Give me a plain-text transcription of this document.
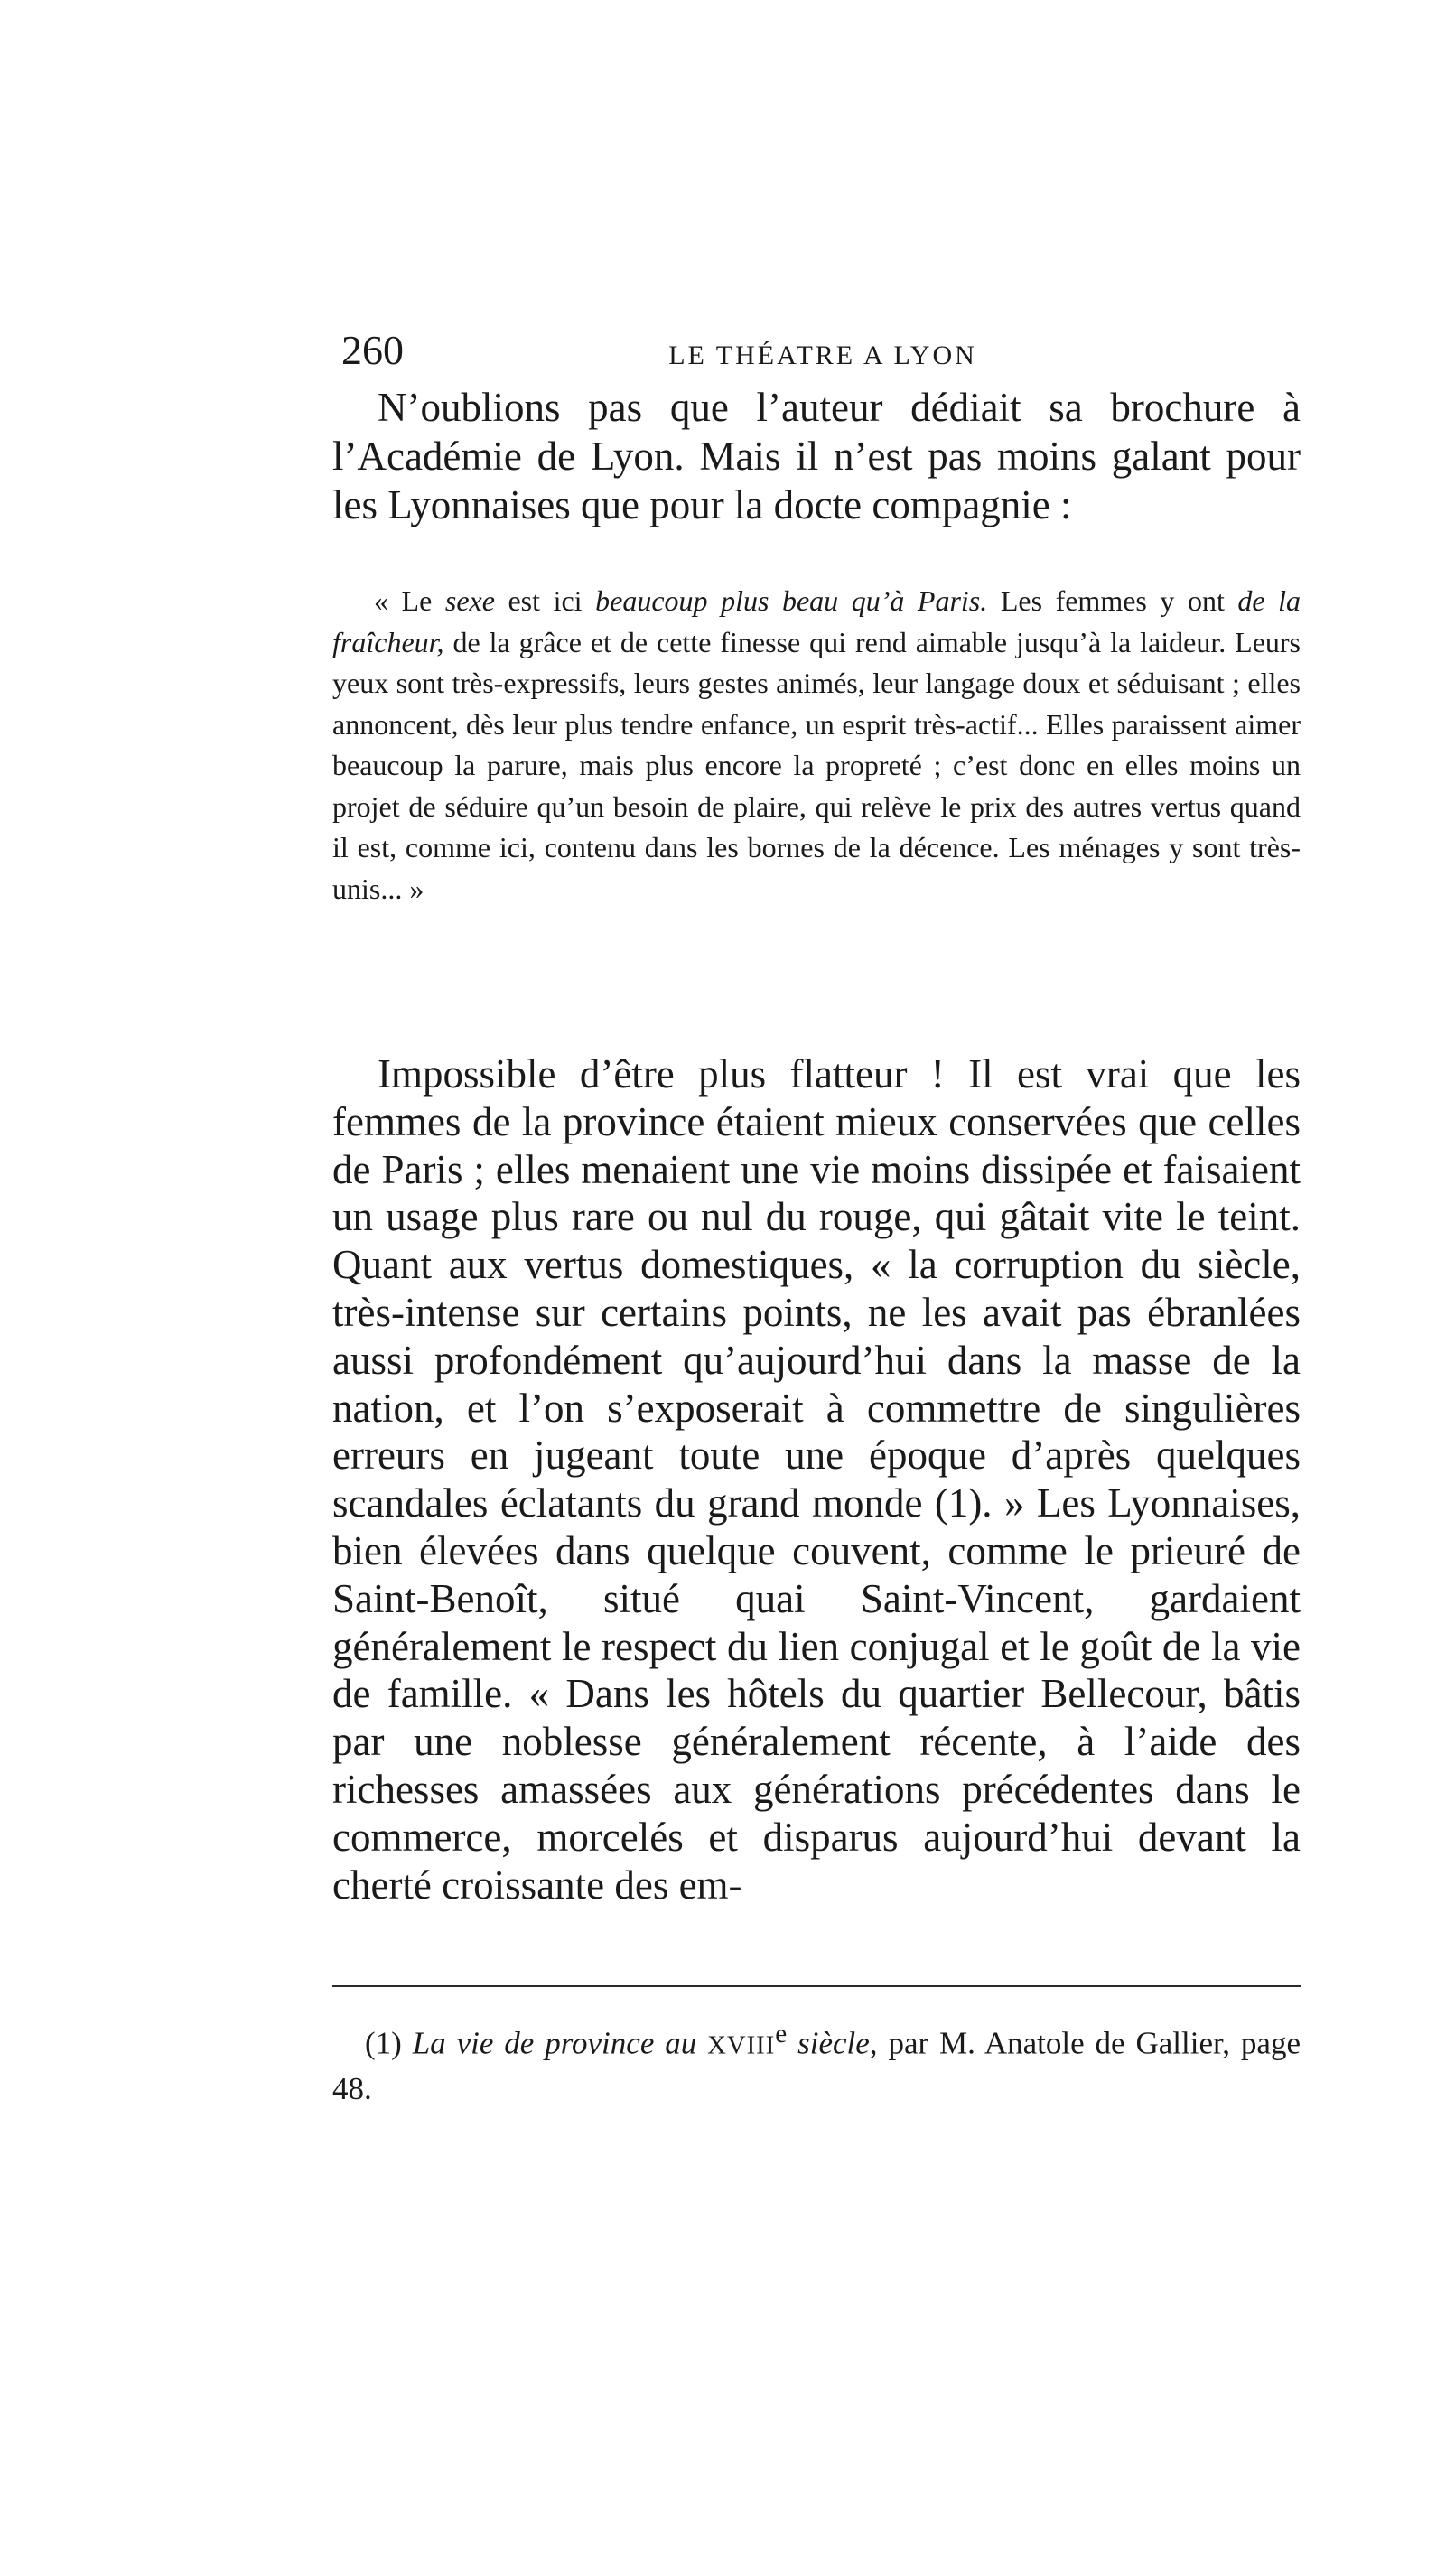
260	LE THÉATRE A LYON

N’oublions pas que l’auteur dédiait sa brochure à l’Académie de Lyon. Mais il n’est pas moins galant pour les Lyonnaises que pour la docte compagnie :

« Le sexe est ici beaucoup plus beau qu’à Paris. Les femmes y ont de la fraîcheur, de la grâce et de cette finesse qui rend aimable jusqu’à la laideur. Leurs yeux sont très-expressifs, leurs gestes animés, leur langage doux et séduisant ; elles annoncent, dès leur plus tendre enfance, un esprit très-actif... Elles paraissent aimer beaucoup la parure, mais plus encore la propreté ; c’est donc en elles moins un projet de séduire qu’un besoin de plaire, qui relève le prix des autres vertus quand il est, comme ici, contenu dans les bornes de la décence. Les ménages y sont très-unis... »

Impossible d’être plus flatteur ! Il est vrai que les femmes de la province étaient mieux conservées que celles de Paris ; elles menaient une vie moins dissipée et faisaient un usage plus rare ou nul du rouge, qui gâtait vite le teint. Quant aux vertus domestiques, « la corruption du siècle, très-intense sur certains points, ne les avait pas ébranlées aussi profondément qu’aujourd’hui dans la masse de la nation, et l’on s’exposerait à commettre de singulières erreurs en jugeant toute une époque d’après quelques scandales éclatants du grand monde (1). » Les Lyonnaises, bien élevées dans quelque couvent, comme le prieuré de Saint-Benoît, situé quai Saint-Vincent, gardaient généralement le respect du lien conjugal et le goût de la vie de famille. « Dans les hôtels du quartier Bellecour, bâtis par une noblesse généralement récente, à l’aide des richesses amassées aux générations précédentes dans le commerce, morcelés et disparus aujourd’hui devant la cherté croissante des em-

(1) La vie de province au XVIIIe siècle, par M. Anatole de Gallier, page 48.
